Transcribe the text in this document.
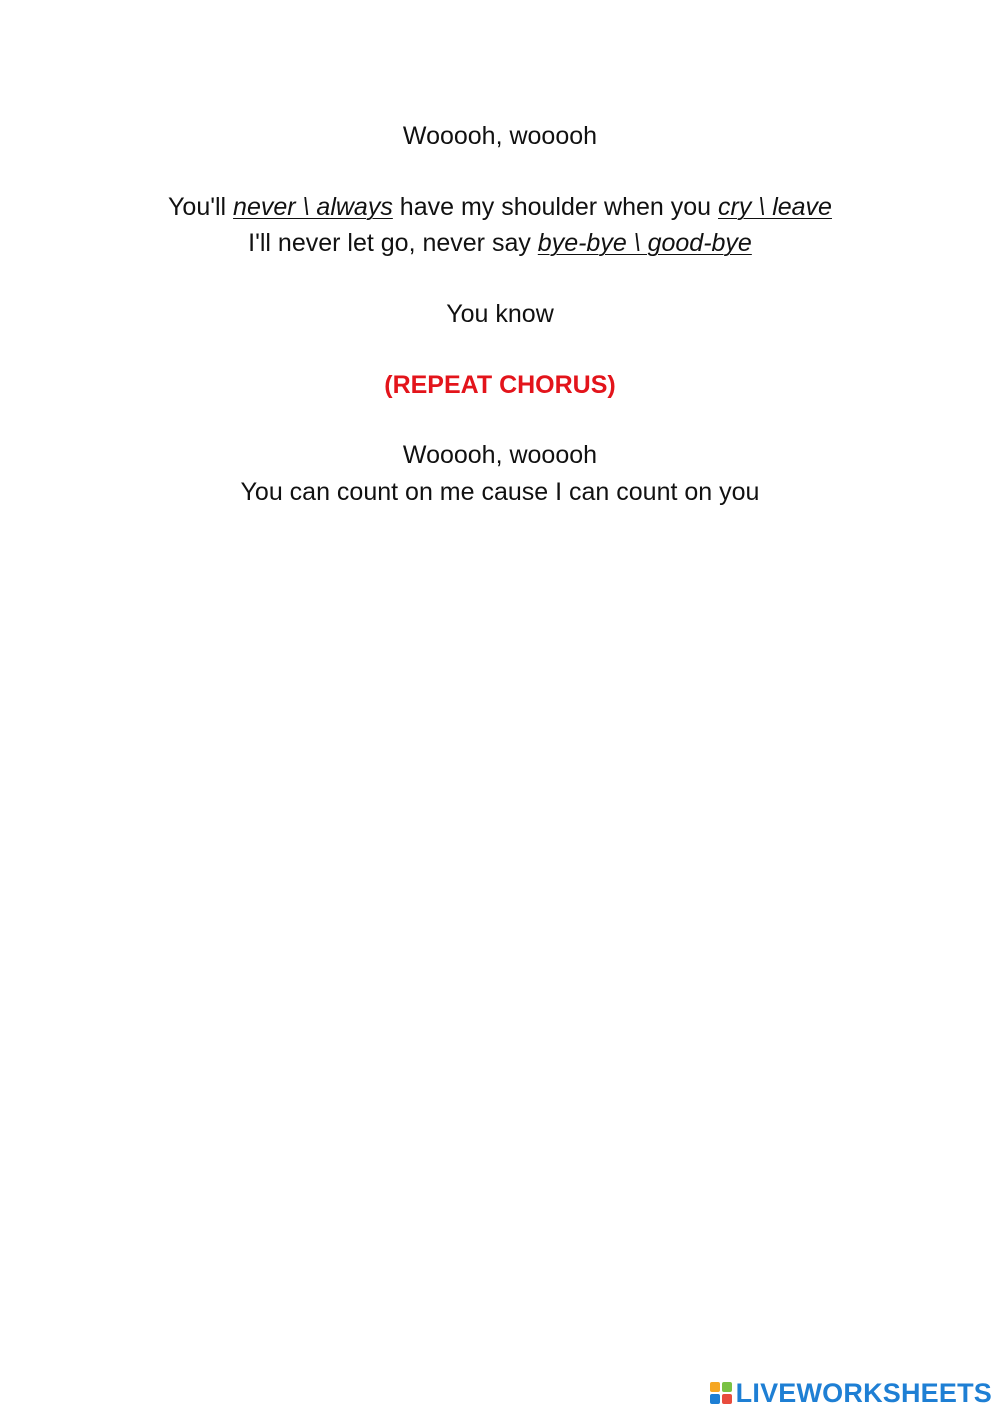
Wooooh, wooooh
You'll never \ always have my shoulder when you cry \ leave
I'll never let go, never say bye-bye \ good-bye
You know
(REPEAT CHORUS)
Wooooh, wooooh
You can count on me cause I can count on you
LIVEWORKSHEETS
